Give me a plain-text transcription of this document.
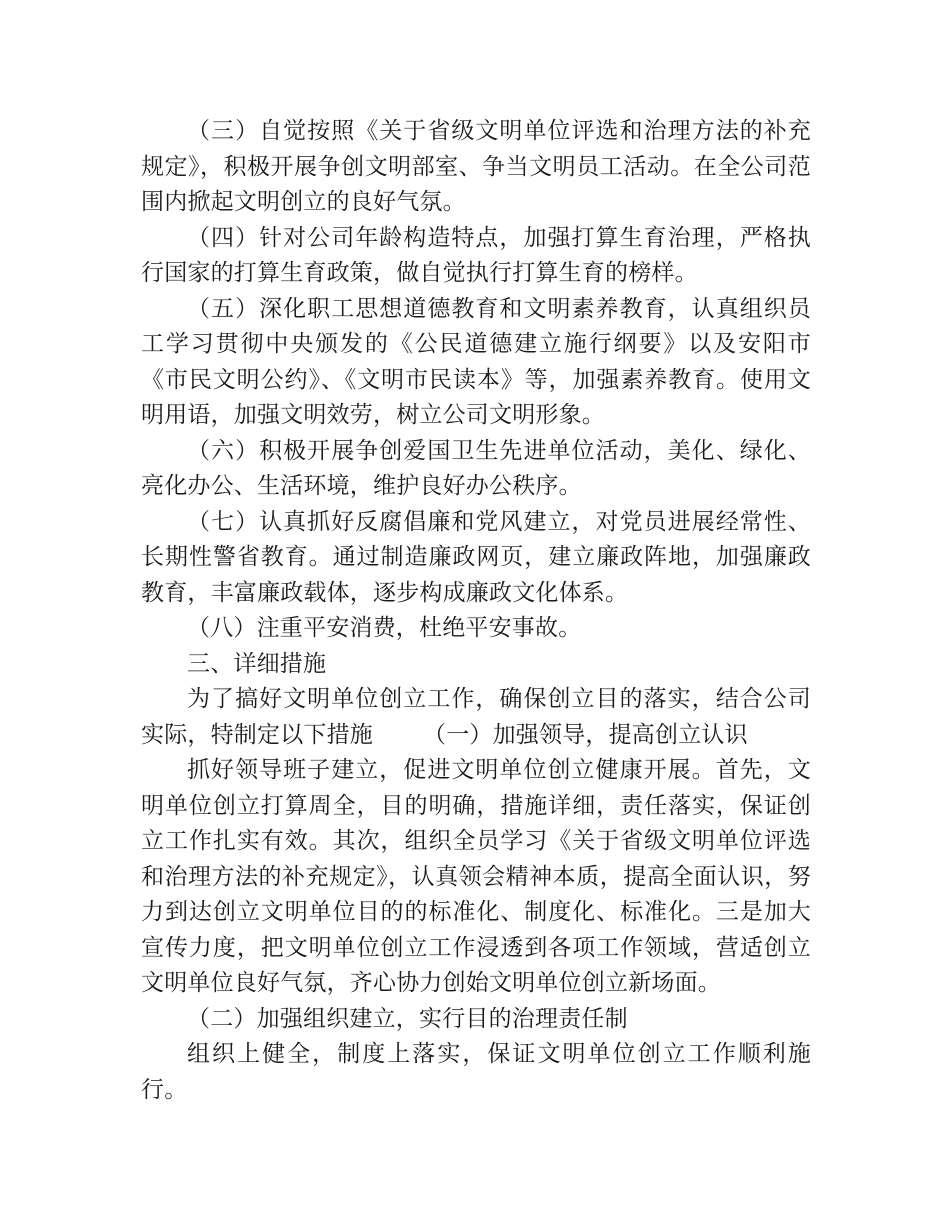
（三）自觉按照《关于省级文明单位评选和治理方法的补充规定》，积极开展争创文明部室、争当文明员工活动。在全公司范围内掀起文明创立的良好气氛。

（四）针对公司年龄构造特点，加强打算生育治理，严格执行国家的打算生育政策，做自觉执行打算生育的榜样。

（五）深化职工思想道德教育和文明素养教育，认真组织员工学习贯彻中央颁发的《公民道德建立施行纲要》以及安阳市《市民文明公约》、《文明市民读本》等，加强素养教育。使用文明用语，加强文明效劳，树立公司文明形象。

（六）积极开展争创爱国卫生先进单位活动，美化、绿化、亮化办公、生活环境，维护良好办公秩序。

（七）认真抓好反腐倡廉和党风建立，对党员进展经常性、长期性警省教育。通过制造廉政网页，建立廉政阵地，加强廉政教育，丰富廉政载体，逐步构成廉政文化体系。

（八）注重平安消费，杜绝平安事故。

三、详细措施

为了搞好文明单位创立工作，确保创立目的落实，结合公司实际，特制定以下措施 （一）加强领导，提高创立认识

抓好领导班子建立，促进文明单位创立健康开展。首先，文明单位创立打算周全，目的明确，措施详细，责任落实，保证创立工作扎实有效。其次，组织全员学习《关于省级文明单位评选和治理方法的补充规定》，认真领会精神本质，提高全面认识，努力到达创立文明单位目的的标准化、制度化、标准化。三是加大宣传力度，把文明单位创立工作浸透到各项工作领域，营适创立文明单位良好气氛，齐心协力创始文明单位创立新场面。

（二）加强组织建立，实行目的治理责任制

组织上健全，制度上落实，保证文明单位创立工作顺利施行。
